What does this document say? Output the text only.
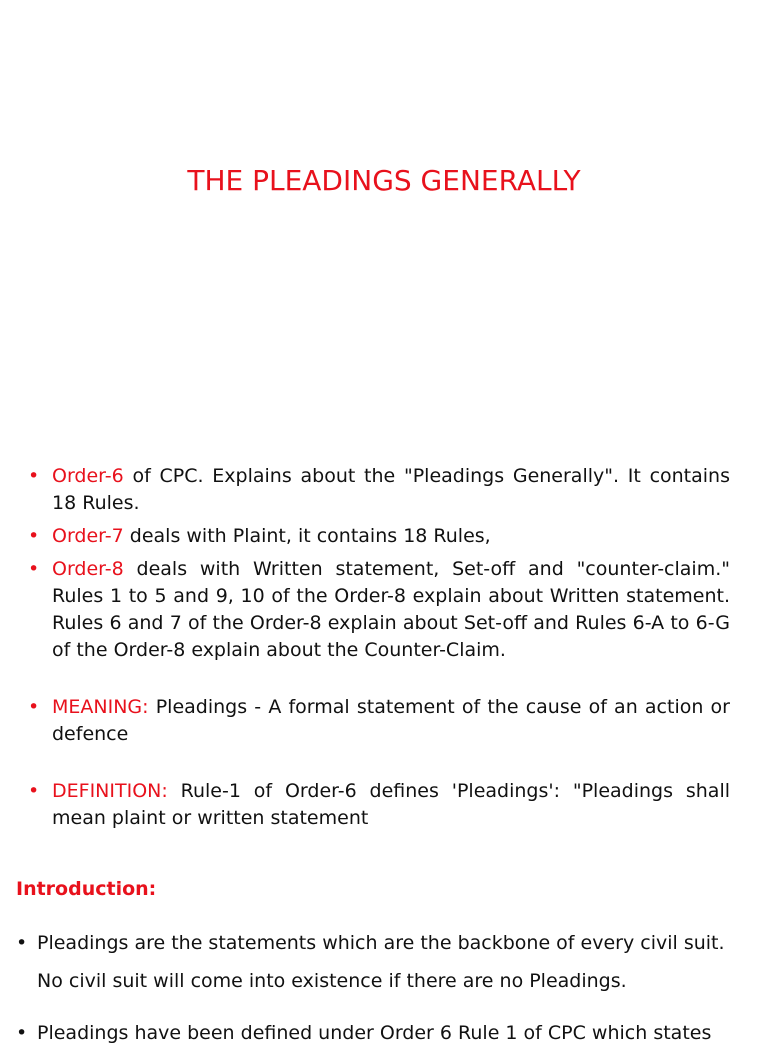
THE PLEADINGS GENERALLY
• Order-6 of CPC. Explains about the "Pleadings Generally". It contains 18 Rules.
• Order-7 deals with Plaint, it contains 18 Rules,
• Order-8 deals with Written statement, Set-off and "counter-claim." Rules 1 to 5 and 9, 10 of the Order-8 explain about Written statement. Rules 6 and 7 of the Order-8 explain about Set-off and Rules 6-A to 6-G of the Order-8 explain about the Counter-Claim.
• MEANING: Pleadings - A formal statement of the cause of an action or defence
• DEFINITION: Rule-1 of Order-6 defines 'Pleadings': "Pleadings shall mean plaint or written statement
Introduction:
• Pleadings are the statements which are the backbone of every civil suit. No civil suit will come into existence if there are no Pleadings.
• Pleadings have been defined under Order 6 Rule 1 of CPC which states
